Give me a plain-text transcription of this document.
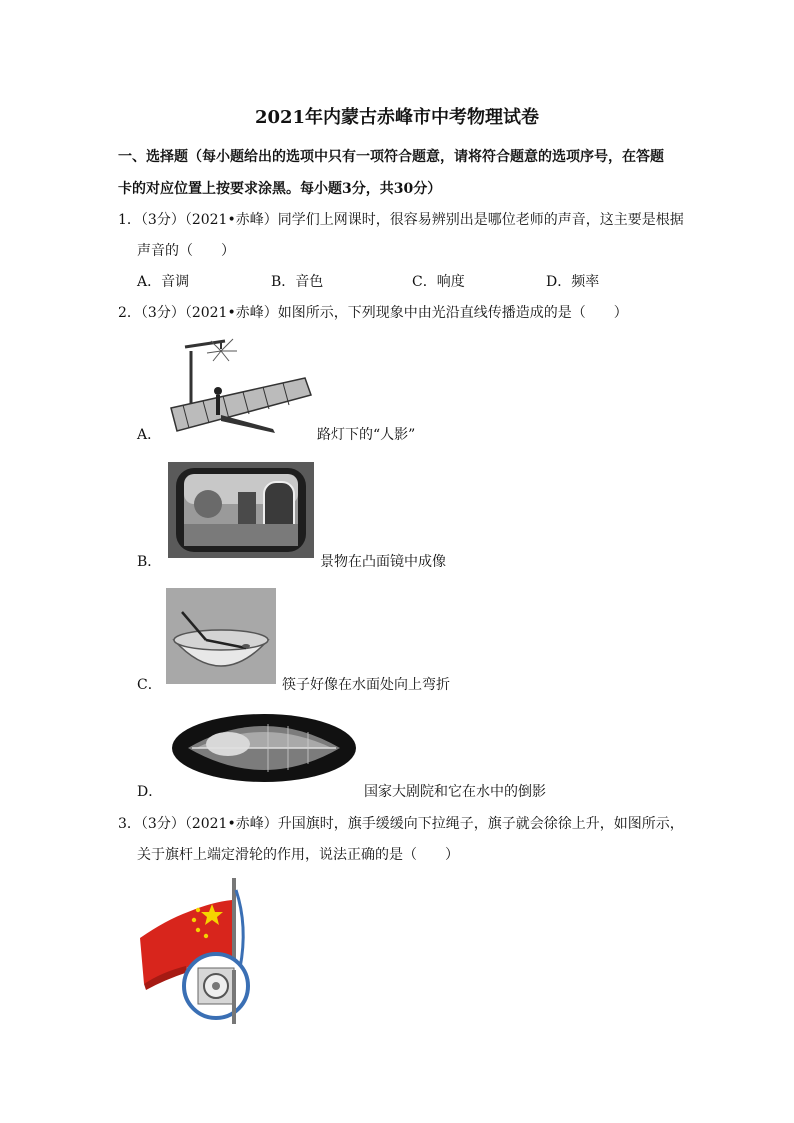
2021年内蒙古赤峰市中考物理试卷
一、选择题（每小题给出的选项中只有一项符合题意，请将符合题意的选项序号，在答题
卡的对应位置上按要求涂黑。每小题3分，共30分）
1．（3分）（2021•赤峰）同学们上网课时，很容易辨别出是哪位老师的声音，这主要是根据
声音的（　　）
A．音调	B．音色	C．响度	D．频率
2．（3分）（2021•赤峰）如图所示，下列现象中由光沿直线传播造成的是（　　）
A．	路灯下的“人影”
B．	景物在凸面镜中成像
C．	筷子好像在水面处向上弯折
D．	国家大剧院和它在水中的倒影
3．（3分）（2021•赤峰）升国旗时，旗手缓缓向下拉绳子，旗子就会徐徐上升，如图所示，
关于旗杆上端定滑轮的作用，说法正确的是（　　）
